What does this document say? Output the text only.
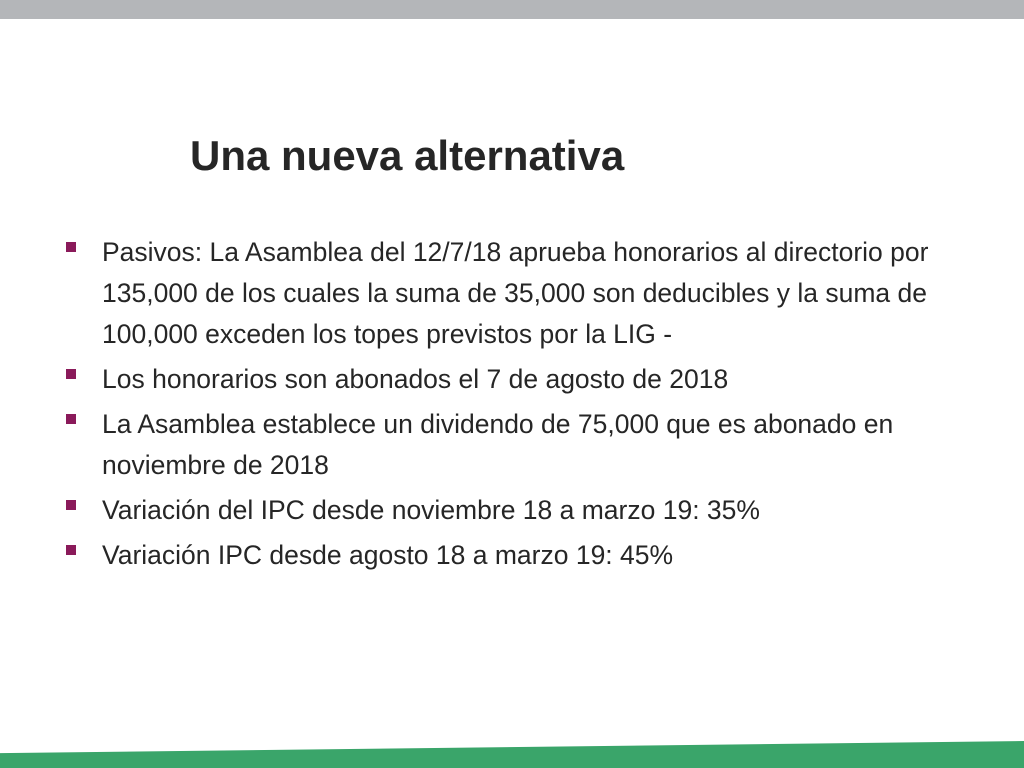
Una nueva alternativa
Pasivos: La Asamblea del 12/7/18 aprueba honorarios al directorio por 135,000 de los cuales la suma de 35,000 son deducibles y la suma de 100,000 exceden los topes previstos por la LIG -
Los honorarios son abonados el 7 de agosto de 2018
La Asamblea establece un dividendo de 75,000 que es abonado en noviembre de 2018
Variación del IPC desde noviembre 18 a marzo 19: 35%
Variación IPC desde agosto 18 a marzo 19: 45%
